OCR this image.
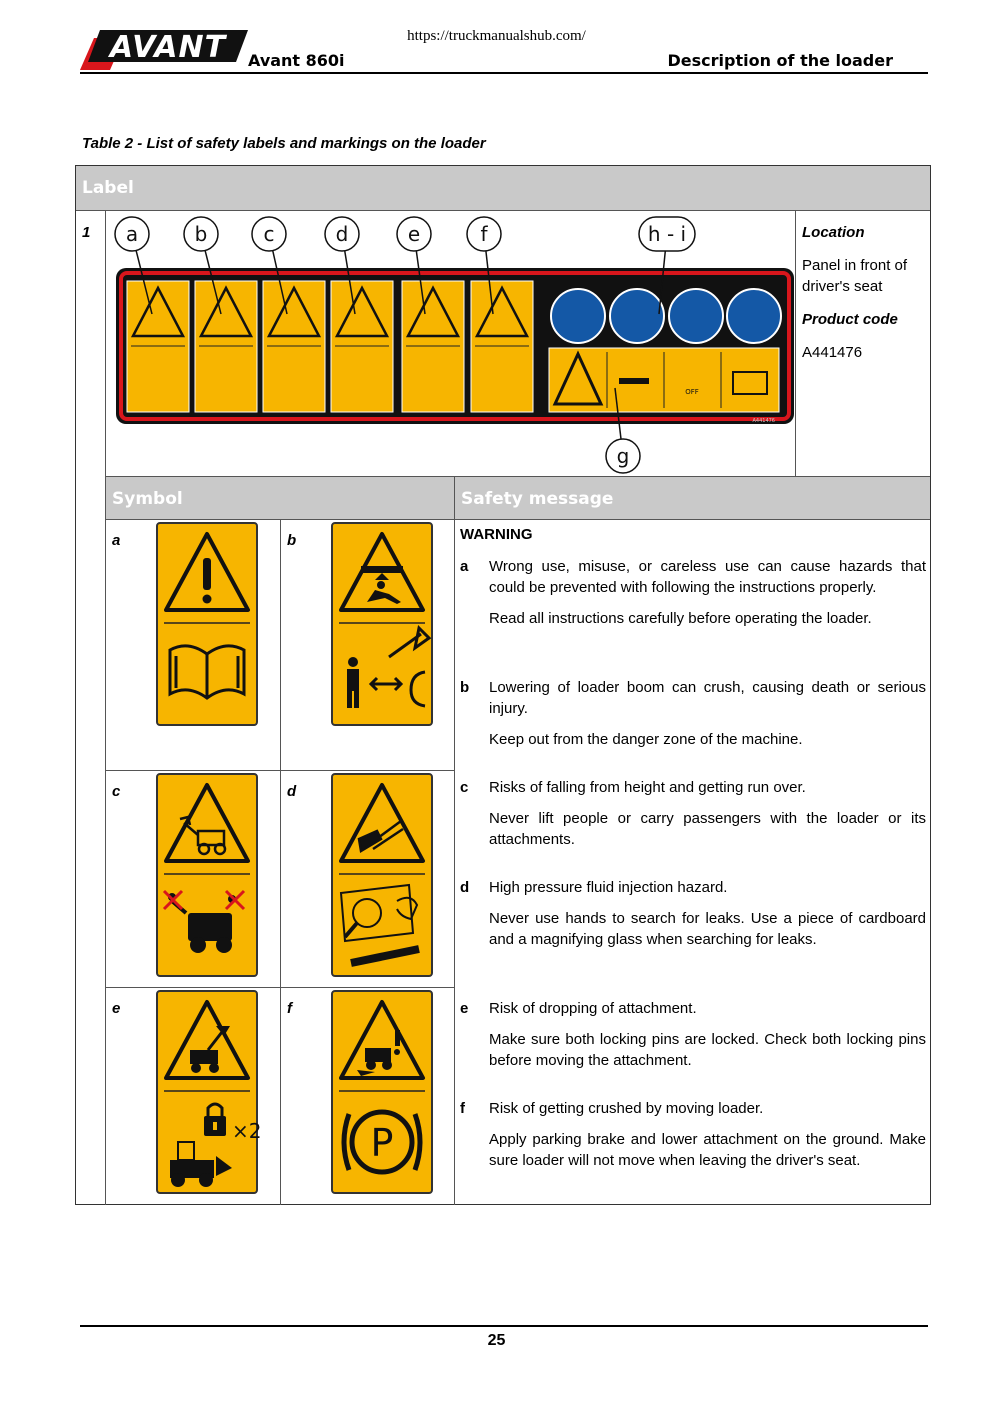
https://truckmanualshub.com/
AVANT Avant 860i	Description of the loader
Table 2 - List of safety labels and markings on the loader
Label
1	Location
Panel in front of driver's seat
Product code
A441476
OFF
A441476
a	b	c	d	e	f	h - i
g
Symbol	Safety message
a	b
c	d
e	f
×2	P
WARNING
a Wrong use, misuse, or careless use can cause hazards that could be prevented with following the instructions properly.
Read all instructions carefully before operating the loader.
b Lowering of loader boom can crush, causing death or serious injury.
Keep out from the danger zone of the machine.
c Risks of falling from height and getting run over.
Never lift people or carry passengers with the loader or its attachments.
d High pressure fluid injection hazard.
Never use hands to search for leaks. Use a piece of cardboard and a magnifying glass when searching for leaks.
e Risk of dropping of attachment.
Make sure both locking pins are locked. Check both locking pins before moving the attachment.
f Risk of getting crushed by moving loader.
Apply parking brake and lower attachment on the ground. Make sure loader will not move when leaving the driver's seat.
25
